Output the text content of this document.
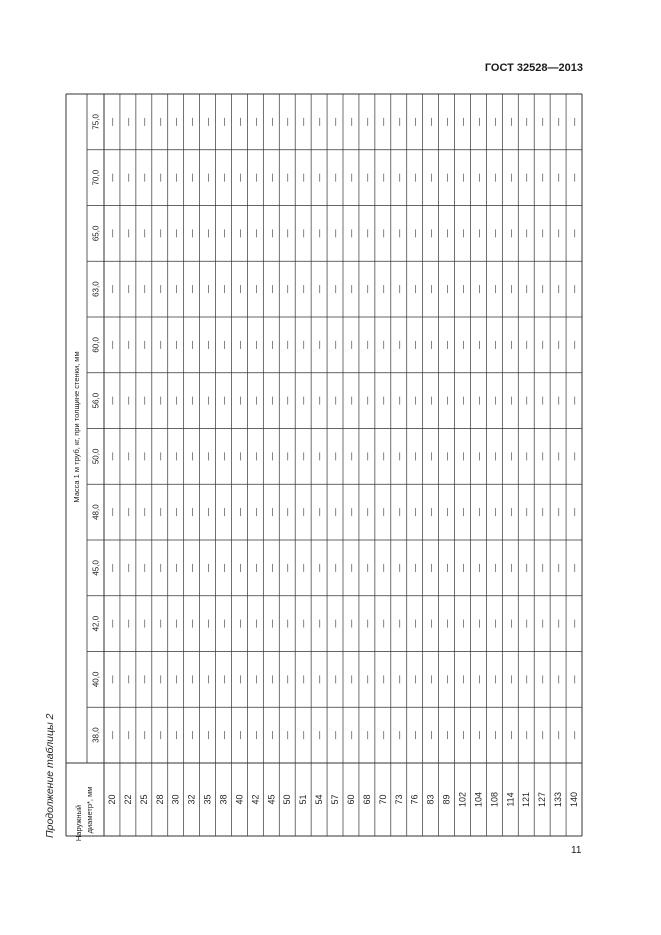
ГОСТ 32528—2013
Продолжение таблицы 2 Наружный диаметр*, мм
Масса 1 м труб, кг, при толщине стенки, мм
38,0
40,0
42,0
45,0
48,0
50,0
56,0
60,0
63,0
65,0
70,0
75,0
20
—
—
—
—
—
—
—
—
—
—
—
—
22
—
—
—
—
—
—
—
—
—
—
—
—
25
—
—
—
—
—
—
—
—
—
—
—
—
28
—
—
—
—
—
—
—
—
—
—
—
—
30
—
—
—
—
—
—
—
—
—
—
—
—
32
—
—
—
—
—
—
—
—
—
—
—
—
35
—
—
—
—
—
—
—
—
—
—
—
—
38
—
—
—
—
—
—
—
—
—
—
—
—
40
—
—
—
—
—
—
—
—
—
—
—
—
42
—
—
—
—
—
—
—
—
—
—
—
—
45
—
—
—
—
—
—
—
—
—
—
—
—
50
—
—
—
—
—
—
—
—
—
—
—
—
51
—
—
—
—
—
—
—
—
—
—
—
—
54
—
—
—
—
—
—
—
—
—
—
—
—
57
—
—
—
—
—
—
—
—
—
—
—
—
60
—
—
—
—
—
—
—
—
—
—
—
—
68
—
—
—
—
—
—
—
—
—
—
—
—
70
—
—
—
—
—
—
—
—
—
—
—
—
73
—
—
—
—
—
—
—
—
—
—
—
—
76
—
—
—
—
—
—
—
—
—
—
—
—
83
—
—
—
—
—
—
—
—
—
—
—
—
89
—
—
—
—
—
—
—
—
—
—
—
—
102
—
—
—
—
—
—
—
—
—
—
—
—
104
—
—
—
—
—
—
—
—
—
—
—
—
108
—
—
—
—
—
—
—
—
—
—
—
—
114
—
—
—
—
—
—
—
—
—
—
—
—
121
—
—
—
—
—
—
—
—
—
—
—
—
127
—
—
—
—
—
—
—
—
—
—
—
—
133
—
—
—
—
—
—
—
—
—
—
—
—
140
—
—
—
—
—
—
—
—
—
—
—
—
11
